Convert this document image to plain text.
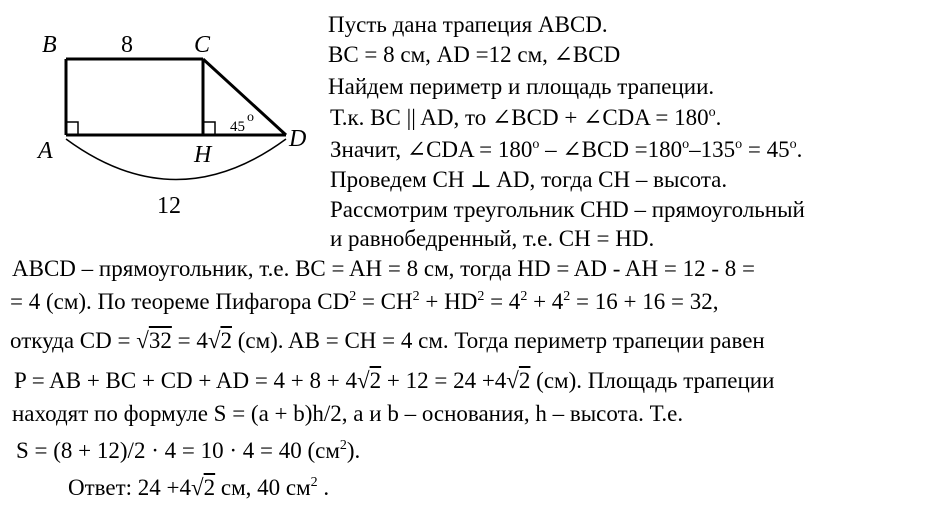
B	C
A	H
D
8
12
45
o
Пусть дана трапеция ABCD.
BC = 8 см, AD =12 см, ∠BCD
Найдем периметр и площадь трапеции.
Т.к. BC || AD, то ∠BCD + ∠CDA = $180^o$.
Значит, ∠CDA = $180^o$ – ∠BCD $=180^o-135^o = 45^o$.
Проведем CH ⊥ AD, тогда CH – высота.
Рассмотрим треугольник CHD – прямоугольный
и равнобедренный, т.е. CH = HD.
ABCD – прямоугольник, т.е. BC = AH = 8 см, тогда HD = AD - AH = 12 - 8 =
= 4 (см). По теореме Пифагора $CD^2 = CH^2 + HD^2 = 4^2 + 4^2 = 16 + 16 = 32$,
откуда CD = √32 = 4√2 (см). AB = CH = 4 см. Тогда периметр трапеции равен
P = AB + BC + CD + AD = 4 + 8 + 4√2 + 12 = 24 +4√2 (см). Площадь трапеции
находят по формуле S = (a + b)h/2, a и b – основания, h – высота. Т.е.
S = (8 + 12)/2 · 4 = 10 · 4 = 40 $(см^2)$.
Ответ: 24 +4√2 см, 40 $см^2$ .
